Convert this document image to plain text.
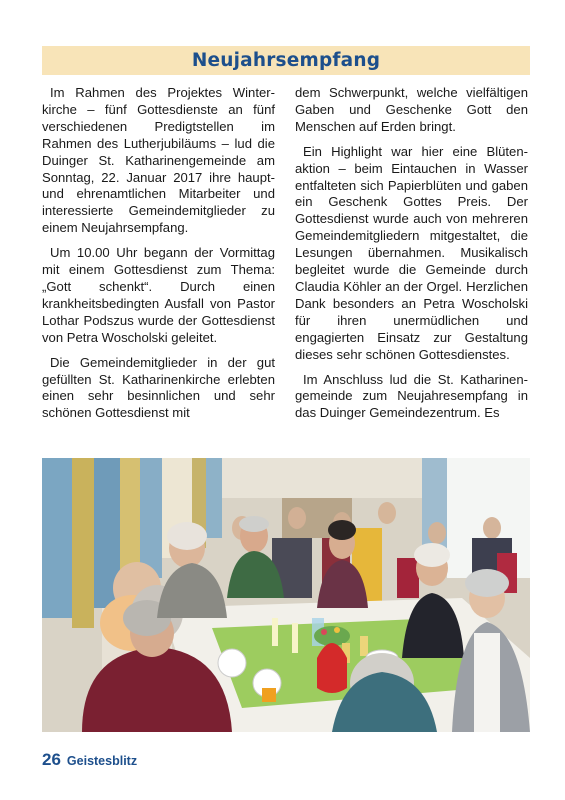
Neujahrsempfang

Im Rahmen des Projektes Winterkirche – fünf Gottesdienste an fünf verschiedenen Predigtstellen im Rahmen des Lutherjubiläums – lud die Duinger St. Katharinengemeinde am Sonntag, 22. Januar 2017 ihre haupt- und ehrenamtlichen Mitarbeiter und interessierte Gemeindemitglieder zu einem Neujahrsempfang.

Um 10.00 Uhr begann der Vormittag mit einem Gottesdienst zum Thema: „Gott schenkt“. Durch einen krankheitsbedingten Ausfall von Pastor Lothar Podszus wurde der Gottesdienst von Petra Woscholski geleitet.

Die Gemeindemitglieder in der gut gefüllten St. Katharinenkirche erlebten einen sehr besinnlichen und sehr schönen Gottesdienst mit

dem Schwerpunkt, welche vielfältigen Gaben und Geschenke Gott den Menschen auf Erden bringt.

Ein Highlight war hier eine Blütenaktion – beim Eintauchen in Wasser entfalteten sich Papierblüten und gaben ein Geschenk Gottes Preis. Der Gottesdienst wurde auch von mehreren Gemeindemitgliedern mitgestaltet, die Lesungen übernahmen. Musikalisch begleitet wurde die Gemeinde durch Claudia Köhler an der Orgel. Herzlichen Dank besonders an Petra Woscholski für ihren unermüdlichen und engagierten Einsatz zur Gestaltung dieses sehr schönen Gottesdienstes.

Im Anschluss lud die St. Katharinengemeinde zum Neujahresempfang in das Duinger Gemeindezentrum. Es

26 Geistesblitz
